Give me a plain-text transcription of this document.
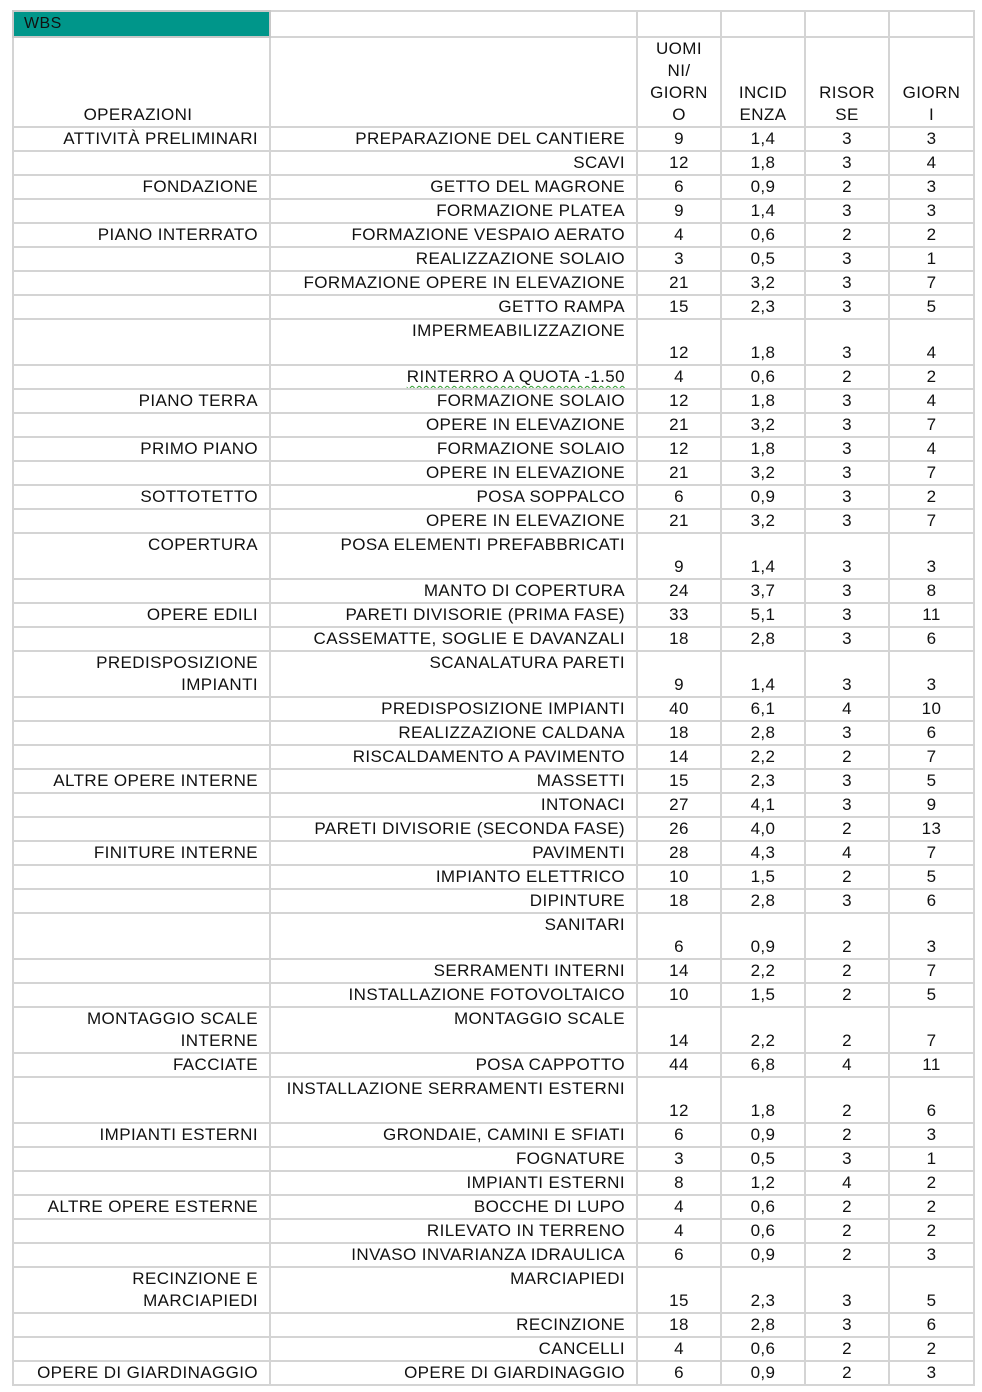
WBS					
OPERAZIONI		UOMI NI/ GIORN O	INCID ENZA	RISOR SE	GIORN I
ATTIVITÀ PRELIMINARI	PREPARAZIONE DEL CANTIERE	9	1,4	3	3
	SCAVI	12	1,8	3	4
FONDAZIONE	GETTO DEL MAGRONE	6	0,9	2	3
	FORMAZIONE PLATEA	9	1,4	3	3
PIANO INTERRATO	FORMAZIONE VESPAIO AERATO	4	0,6	2	2
	REALIZZAZIONE SOLAIO	3	0,5	3	1
	FORMAZIONE OPERE IN ELEVAZIONE	21	3,2	3	7
	GETTO RAMPA	15	2,3	3	5
	IMPERMEABILIZZAZIONE	12	1,8	3	4
	RINTERRO A QUOTA -1.50	4	0,6	2	2
PIANO TERRA	FORMAZIONE SOLAIO	12	1,8	3	4
	OPERE IN ELEVAZIONE	21	3,2	3	7
PRIMO PIANO	FORMAZIONE SOLAIO	12	1,8	3	4
	OPERE IN ELEVAZIONE	21	3,2	3	7
SOTTOTETTO	POSA SOPPALCO	6	0,9	3	2
	OPERE IN ELEVAZIONE	21	3,2	3	7
COPERTURA	POSA ELEMENTI PREFABBRICATI	9	1,4	3	3
	MANTO DI COPERTURA	24	3,7	3	8
OPERE EDILI	PARETI DIVISORIE (PRIMA FASE)	33	5,1	3	11
	CASSEMATTE, SOGLIE E DAVANZALI	18	2,8	3	6
PREDISPOSIZIONE IMPIANTI	SCANALATURA PARETI	9	1,4	3	3
	PREDISPOSIZIONE IMPIANTI	40	6,1	4	10
	REALIZZAZIONE CALDANA	18	2,8	3	6
	RISCALDAMENTO A PAVIMENTO	14	2,2	2	7
ALTRE OPERE INTERNE	MASSETTI	15	2,3	3	5
	INTONACI	27	4,1	3	9
	PARETI DIVISORIE (SECONDA FASE)	26	4,0	2	13
FINITURE INTERNE	PAVIMENTI	28	4,3	4	7
	IMPIANTO ELETTRICO	10	1,5	2	5
	DIPINTURE	18	2,8	3	6
	SANITARI	6	0,9	2	3
	SERRAMENTI INTERNI	14	2,2	2	7
	INSTALLAZIONE FOTOVOLTAICO	10	1,5	2	5
MONTAGGIO SCALE INTERNE	MONTAGGIO SCALE	14	2,2	2	7
FACCIATE	POSA CAPPOTTO	44	6,8	4	11
	INSTALLAZIONE SERRAMENTI ESTERNI	12	1,8	2	6
IMPIANTI ESTERNI	GRONDAIE, CAMINI E SFIATI	6	0,9	2	3
	FOGNATURE	3	0,5	3	1
	IMPIANTI ESTERNI	8	1,2	4	2
ALTRE OPERE ESTERNE	BOCCHE DI LUPO	4	0,6	2	2
	RILEVATO IN TERRENO	4	0,6	2	2
	INVASO INVARIANZA IDRAULICA	6	0,9	2	3
RECINZIONE E MARCIAPIEDI	MARCIAPIEDI	15	2,3	3	5
	RECINZIONE	18	2,8	3	6
	CANCELLI	4	0,6	2	2
OPERE DI GIARDINAGGIO	OPERE DI GIARDINAGGIO	6	0,9	2	3
